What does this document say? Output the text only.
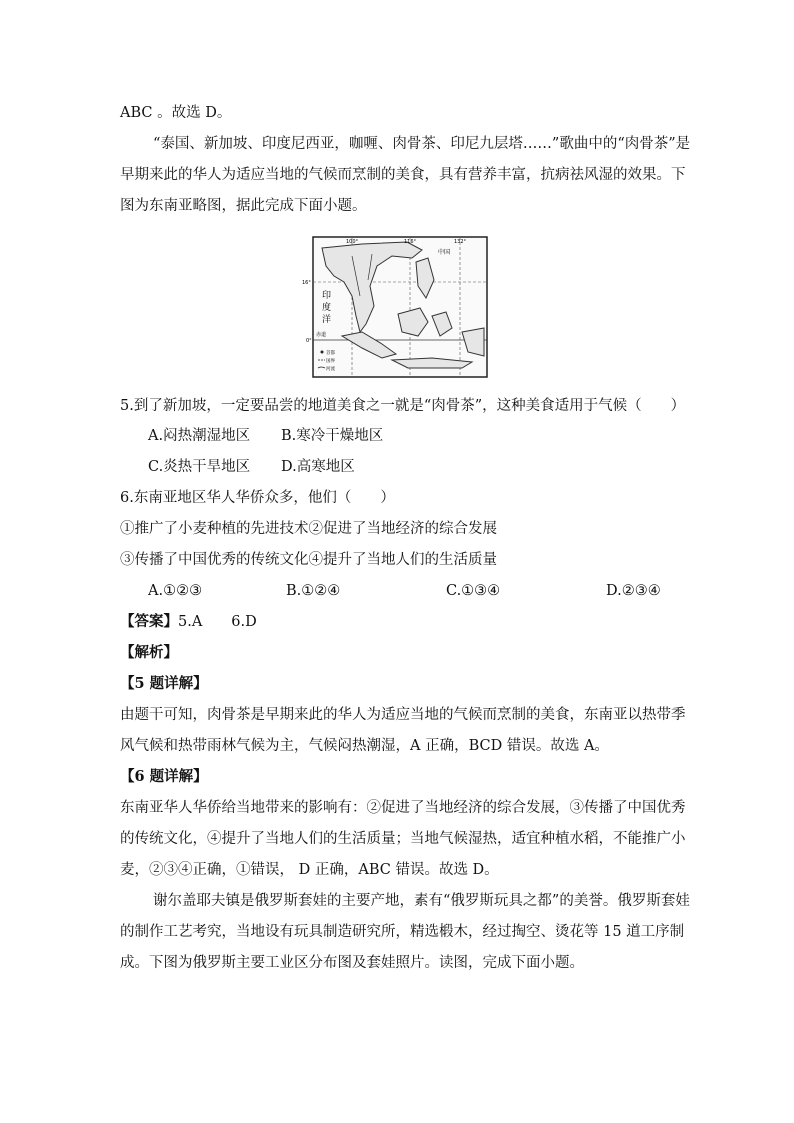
ABC 。故选 D。
“泰国、新加坡、印度尼西亚，咖喱、肉骨茶、印尼九层塔……”歌曲中的“肉骨茶”是
早期来此的华人为适应当地的气候而烹制的美食，具有营养丰富，抗病祛风湿的效果。下
图为东南亚略图，据此完成下面小题。
100°	116°	132°
16°
0°
中国
印
度
洋
赤道
首都
国界
河流
5.到了新加坡，一定要品尝的地道美食之一就是“肉骨茶”，这种美食适用于气候（　　）
A.闷热潮湿地区 B.寒冷干燥地区
C.炎热干旱地区 D.高寒地区
6.东南亚地区华人华侨众多，他们（　　）
①推广了小麦种植的先进技术②促进了当地经济的综合发展
③传播了中国优秀的传统文化④提升了当地人们的生活质量
A.①②③	B.①②④	C.①③④	D.②③④
【答案】5.A　　6.D
【解析】
【5 题详解】
由题干可知，肉骨茶是早期来此的华人为适应当地的气候而烹制的美食，东南亚以热带季
风气候和热带雨林气候为主，气候闷热潮湿，A 正确，BCD 错误。故选 A。
【6 题详解】
东南亚华人华侨给当地带来的影响有：②促进了当地经济的综合发展，③传播了中国优秀
的传统文化，④提升了当地人们的生活质量；当地气候湿热，适宜种植水稻，不能推广小
麦，②③④正确，①错误， D 正确，ABC 错误。故选 D。
谢尔盖耶夫镇是俄罗斯套娃的主要产地，素有“俄罗斯玩具之都”的美誉。俄罗斯套娃
的制作工艺考究，当地设有玩具制造研究所，精选椴木，经过掏空、烫花等 15 道工序制
成。下图为俄罗斯主要工业区分布图及套娃照片。读图，完成下面小题。
